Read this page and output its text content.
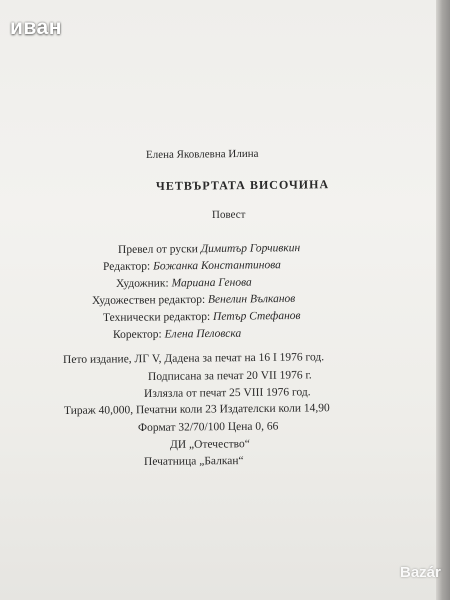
иван
Елена Яковлевна Илина
ЧЕТВЪРТАТА ВИСОЧИНА
Повест
Превел от руски Димитър Горчивкин
Редактор: Божанка Константинова
Художник: Мариана Генова
Художествен редактор: Венелин Вълканов
Технически редактор: Петър Стефанов
Коректор: Елена Пеловска
Пето издание, ЛГ V, Дадена за печат на 16 I 1976 год.
Подписана за печат 20 VII 1976 г.
Излязла от печат 25 VIII 1976 год.
Тираж 40,000, Печатни коли 23 Издателски коли 14,90
Формат 32/70/100 Цена 0, 66
ДИ „Отечество“
Печатница „Балкан“
Bazár
